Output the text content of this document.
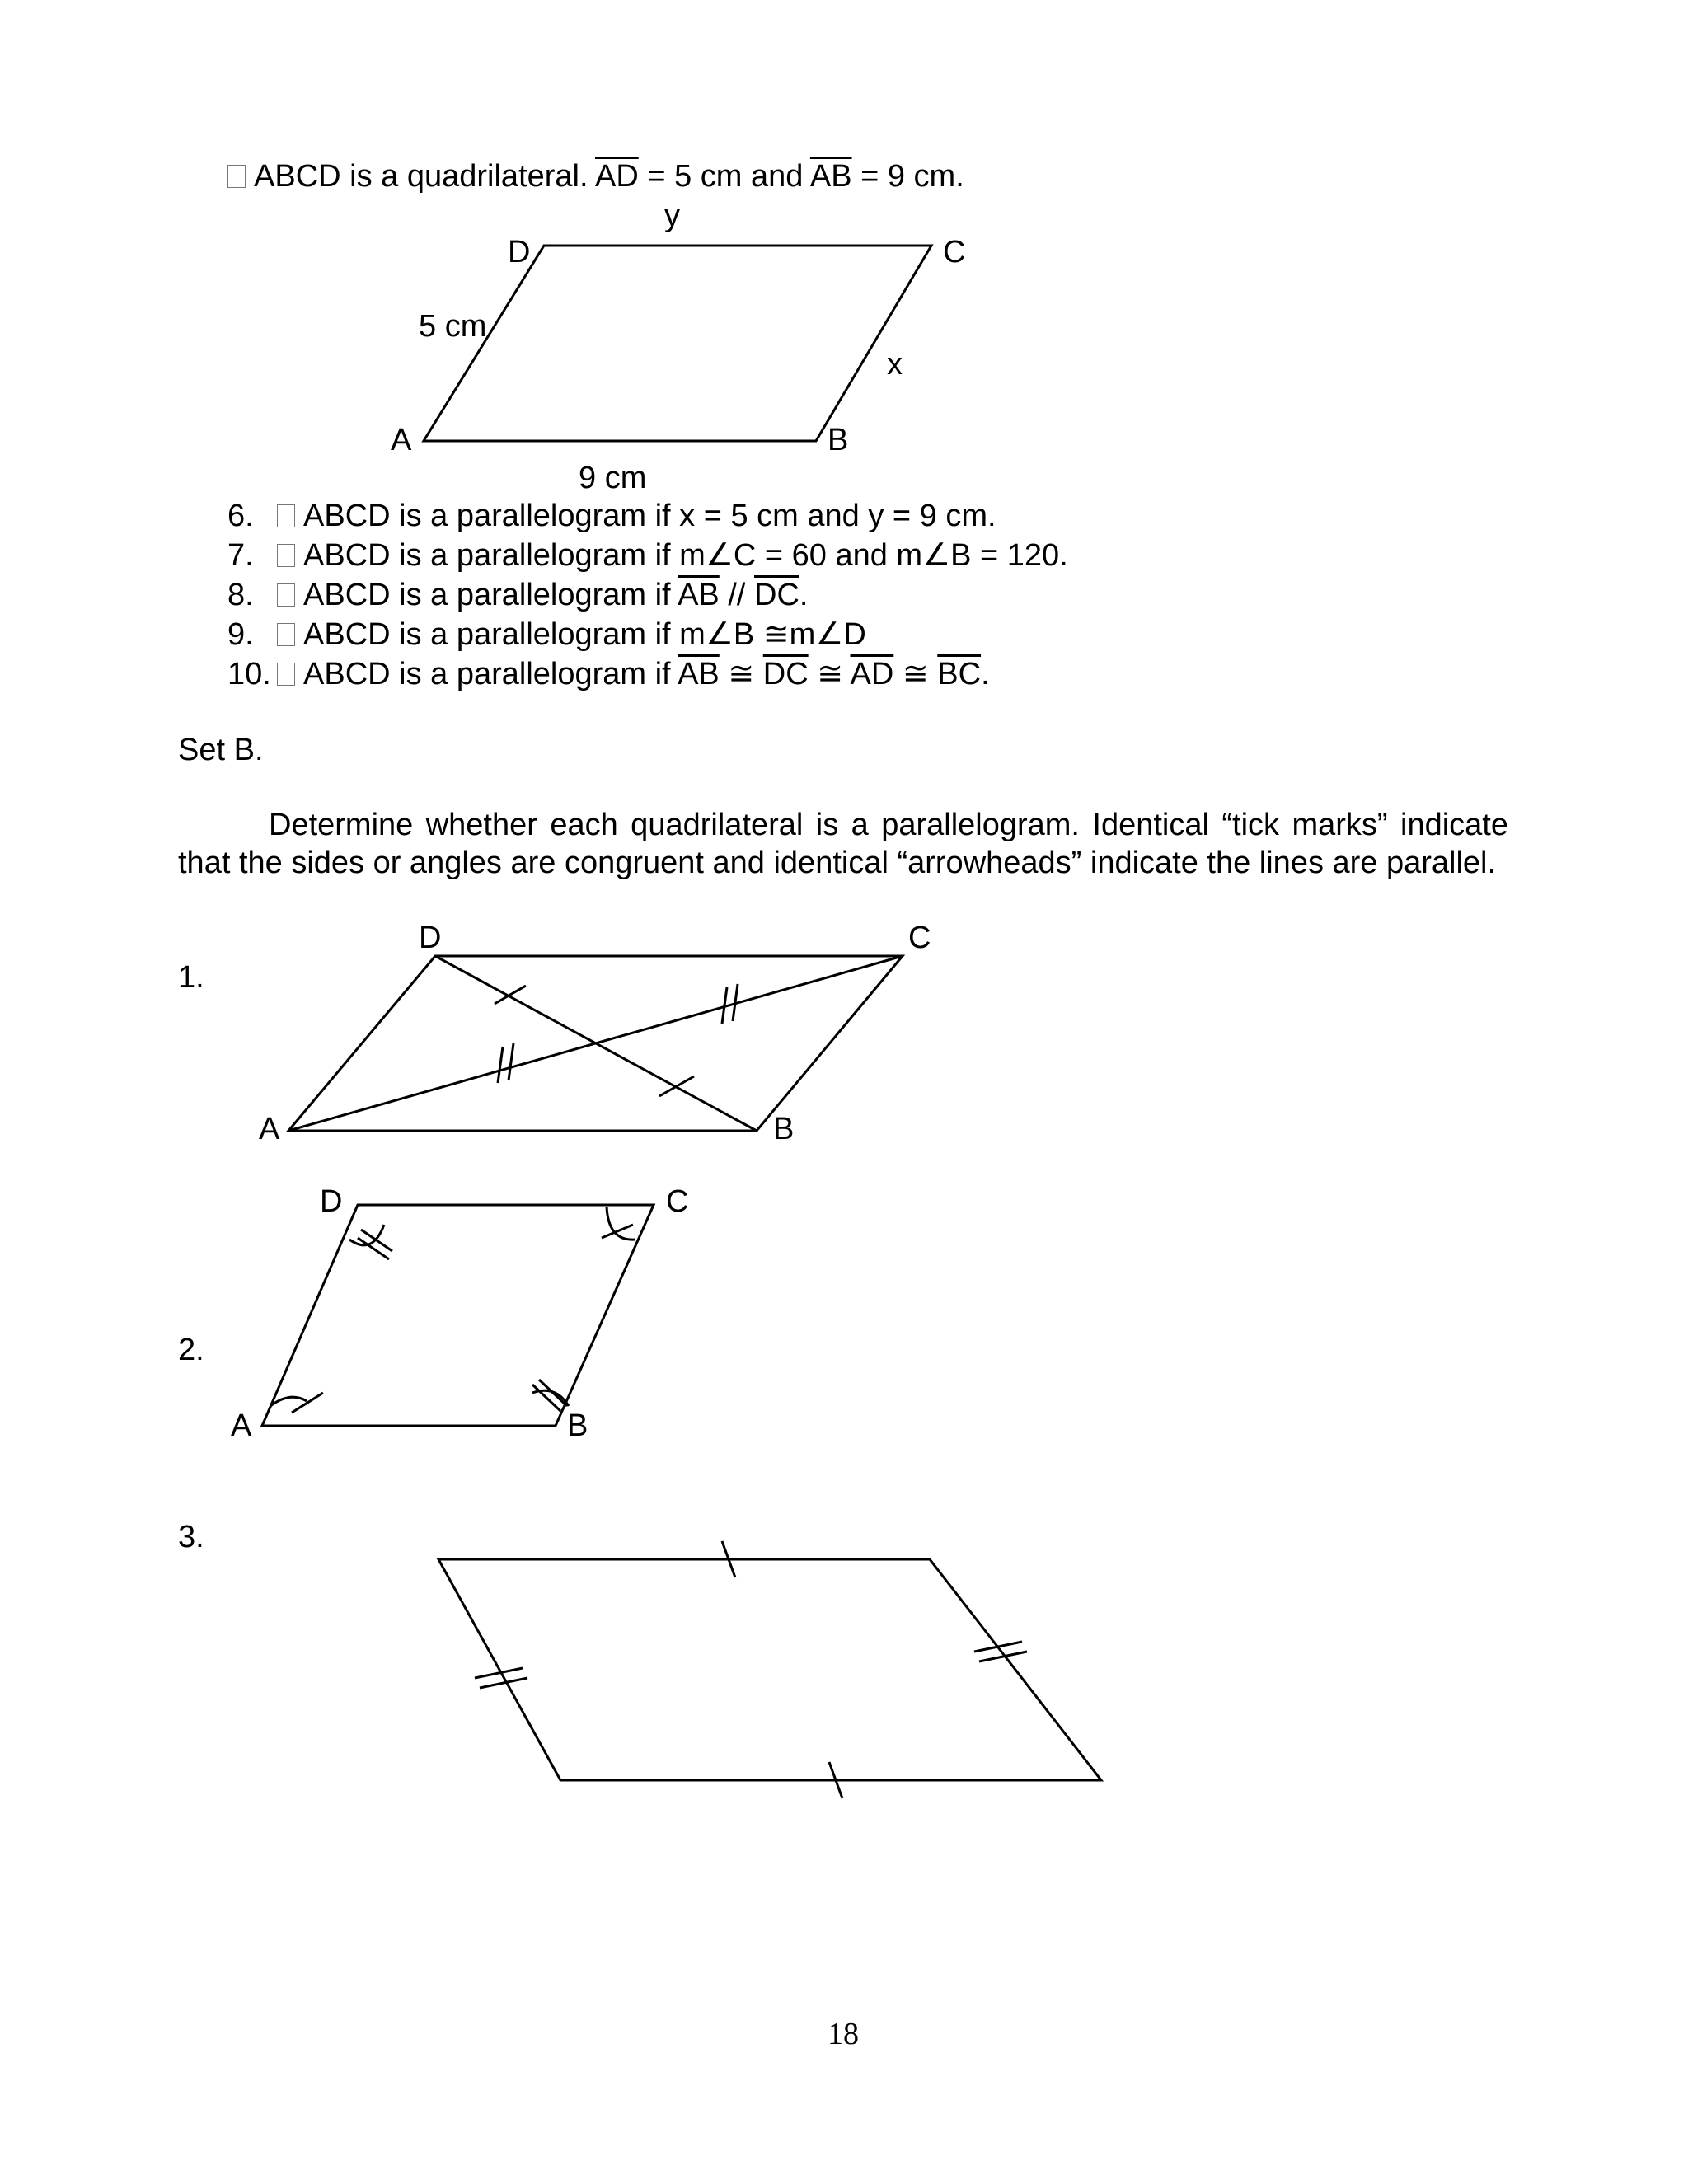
ABCD is a quadrilateral. $\overline{AD} = 5$ cm and $\overline{AB} = 9$ cm.
6. ABCD is a parallelogram if x = 5 cm and y = 9 cm.
7. ABCD is a parallelogram if m∠C = 60 and m∠B = 120.
8. ABCD is a parallelogram if $\overline{AB} // \overline{DC}$.
9. ABCD is a parallelogram if m∠B ≅m∠D
10. ABCD is a parallelogram if $\overline{AB}$ ≅ $\overline{DC}$ ≅ $\overline{AD}$ ≅ $\overline{BC}$.
Set B.
Determine whether each quadrilateral is a parallelogram. Identical “tick marks” indicate that the sides or angles are congruent and identical “arrowheads” indicate the lines are parallel.
1.
2.
3.
y
D	C
5 cm
x
A	B
9 cm
D	C
A	B
D	C
A	B
18
